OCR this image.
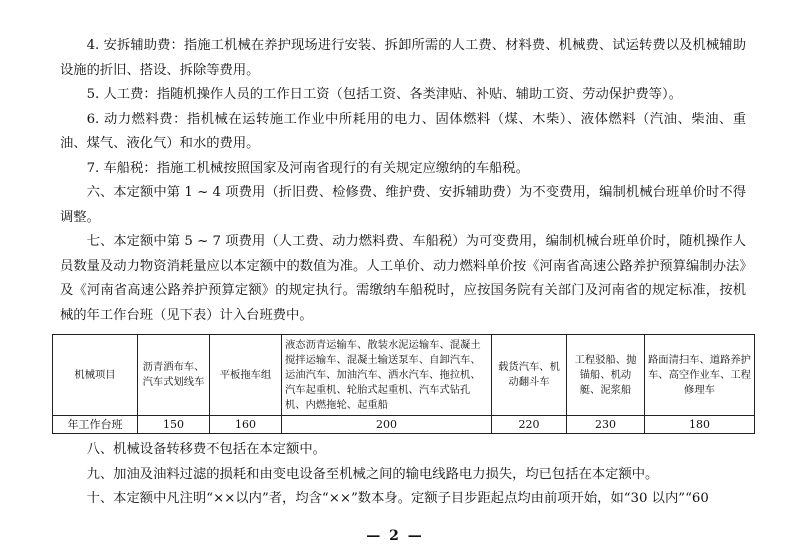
4. 安拆辅助费：指施工机械在养护现场进行安装、拆卸所需的人工费、材料费、机械费、试运转费以及机械辅助设施的折旧、搭设、拆除等费用。

5. 人工费：指随机操作人员的工作日工资（包括工资、各类津贴、补贴、辅助工资、劳动保护费等）。

6. 动力燃料费：指机械在运转施工作业中所耗用的电力、固体燃料（煤、木柴）、液体燃料（汽油、柴油、重油、煤气、液化气）和水的费用。

7. 车船税：指施工机械按照国家及河南省现行的有关规定应缴纳的车船税。

六、本定额中第 1 ~ 4 项费用（折旧费、检修费、维护费、安拆辅助费）为不变费用，编制机械台班单价时不得调整。

七、本定额中第 5 ~ 7 项费用（人工费、动力燃料费、车船税）为可变费用，编制机械台班单价时，随机操作人员数量及动力物资消耗量应以本定额中的数值为准。人工单价、动力燃料单价按《河南省高速公路养护预算编制办法》及《河南省高速公路养护预算定额》的规定执行。需缴纳车船税时，应按国务院有关部门及河南省的规定标准，按机械的年工作台班（见下表）计入台班费中。

机械项目	沥青洒布车、汽车式划线车	平板拖车组	液态沥青运输车、散装水泥运输车、混凝土搅拌运输车、混凝土输送泵车、自卸汽车、运油汽车、加油汽车、洒水汽车、拖拉机、汽车起重机、轮胎式起重机、汽车式钻孔机、内燃拖轮、起重船	载货汽车、机动翻斗车	工程驳船、抛锚船、机动艇、泥浆船	路面清扫车、道路养护车、高空作业车、工程修理车
年工作台班	150	160	200	220	230	180

八、机械设备转移费不包括在本定额中。

九、加油及油料过滤的损耗和由变电设备至机械之间的输电线路电力损失，均已包括在本定额中。

十、本定额中凡注明“××以内”者，均含“××”数本身。定额子目步距起点均由前项开始，如“30 以内”“60

— 2 —
